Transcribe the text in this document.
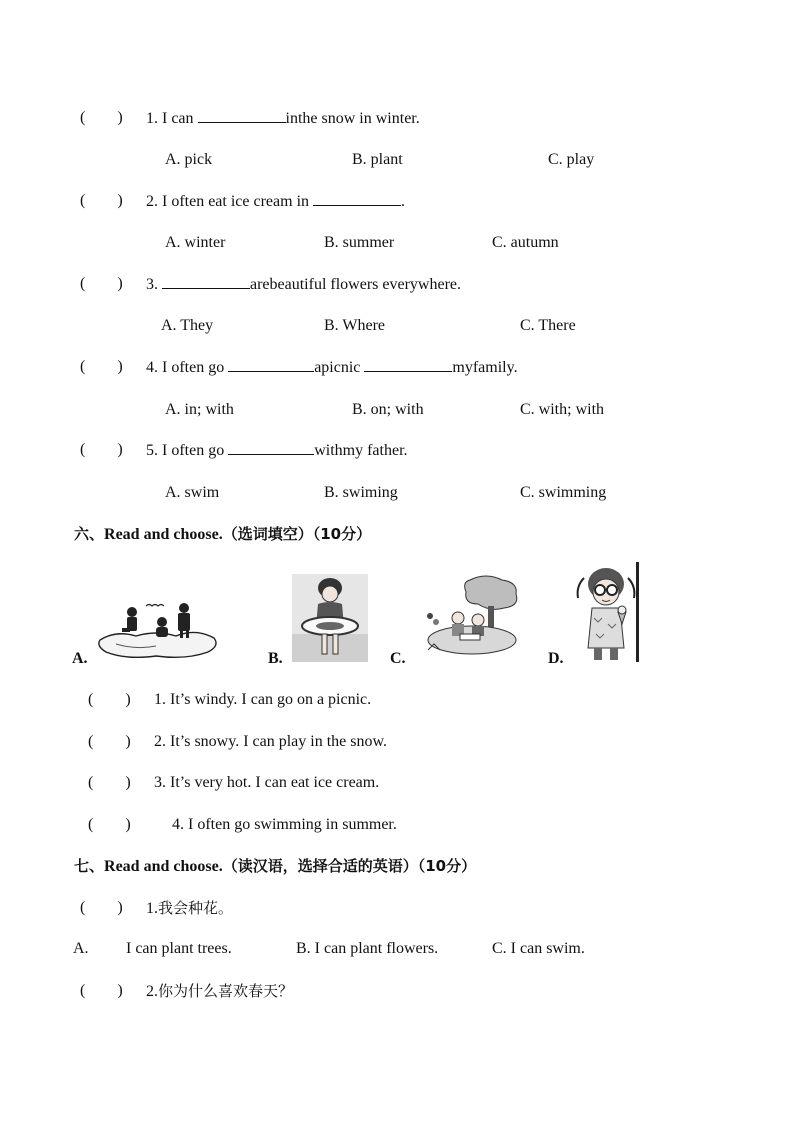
(        ) 1. I can	inthe snow in winter.
A. pick	B. plant	C. play
(        ) 2. I often eat ice cream in	.
A. winter	B. summer	C. autumn
(        ) 3.	arebeautiful flowers everywhere.
A. They	B. Where	C. There
(        ) 4. I often go	apicnic	myfamily.
A. in; with	B. on; with	C. with; with
(        ) 5. I often go	withmy father.
A. swim	B. swiming	C. swimming
六、Read and choose.（选词填空）（10分）
A.	B.	C.	D.
(        ) 1. It’s windy. I can go on a picnic.
(        ) 2. It’s snowy. I can play in the snow.
(        ) 3. It’s very hot. I can eat ice cream.
(        )	4. I often go swimming in summer.
七、Read and choose.（读汉语，选择合适的英语）（10分）
(        ) 1.我会种花。
A. I can plant trees.	B. I can plant flowers.	C. I can swim.
(        ) 2.你为什么喜欢春天？
